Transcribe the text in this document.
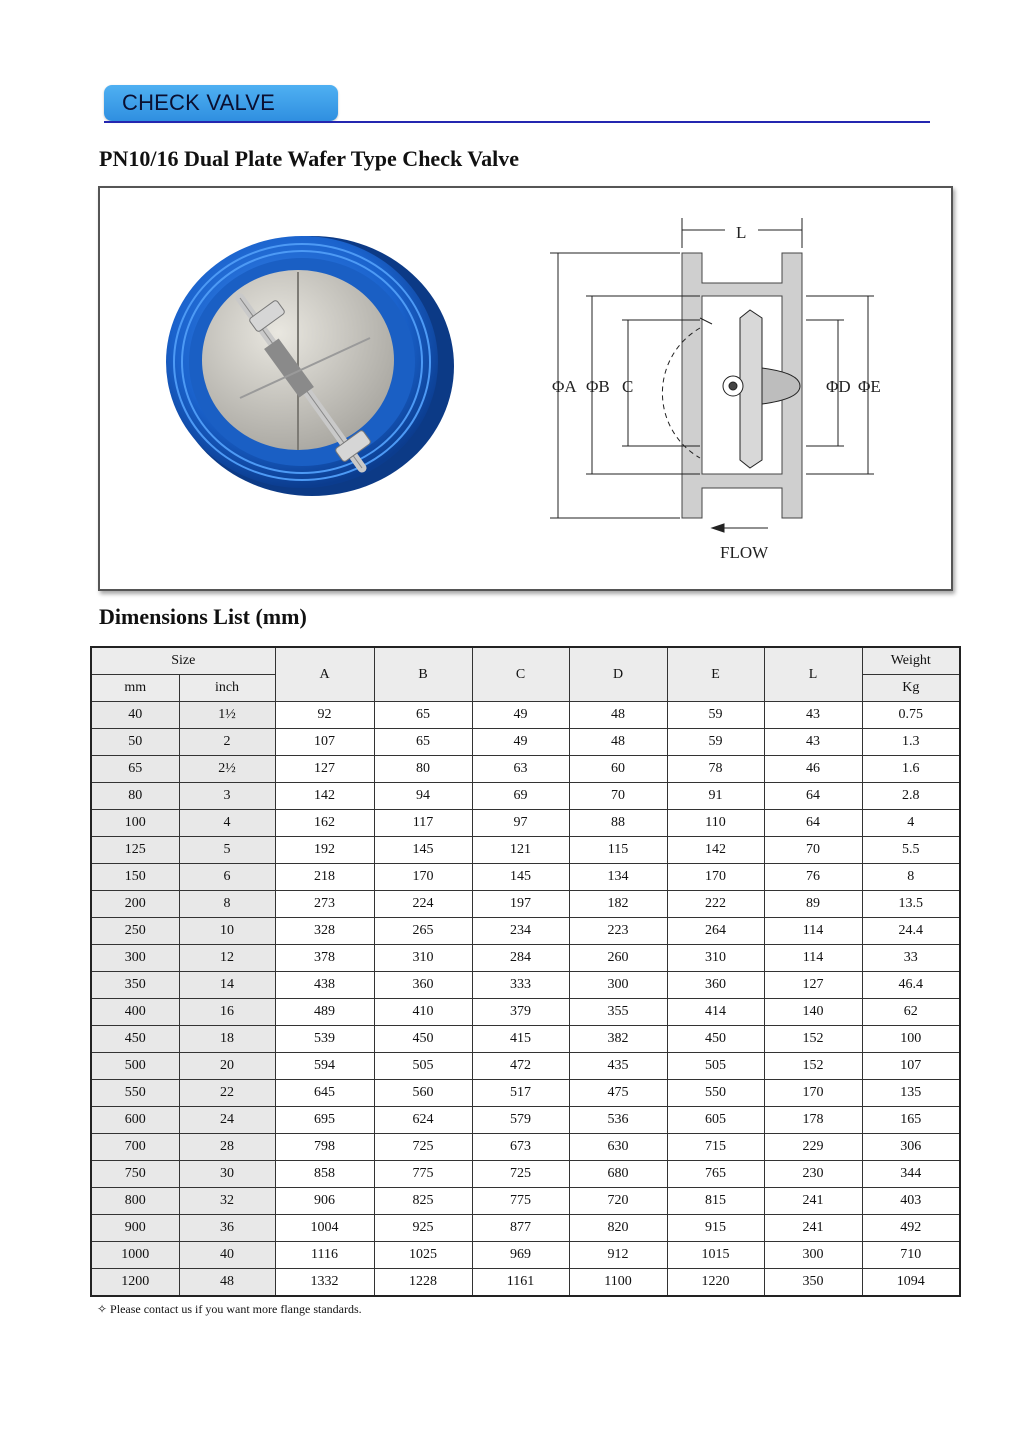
CHECK VALVE
PN10/16 Dual Plate Wafer Type Check Valve
L
ΦA ΦB C	ΦD ΦE
FLOW
Dimensions List (mm)
Size		A	B	C	D	E	L	Weight
mm	inch							Kg
40	1½	92	65	49	48	59	43	0.75
50	2	107	65	49	48	59	43	1.3
65	2½	127	80	63	60	78	46	1.6
80	3	142	94	69	70	91	64	2.8
100	4	162	117	97	88	110	64	4
125	5	192	145	121	115	142	70	5.5
150	6	218	170	145	134	170	76	8
200	8	273	224	197	182	222	89	13.5
250	10	328	265	234	223	264	114	24.4
300	12	378	310	284	260	310	114	33
350	14	438	360	333	300	360	127	46.4
400	16	489	410	379	355	414	140	62
450	18	539	450	415	382	450	152	100
500	20	594	505	472	435	505	152	107
550	22	645	560	517	475	550	170	135
600	24	695	624	579	536	605	178	165
700	28	798	725	673	630	715	229	306
750	30	858	775	725	680	765	230	344
800	32	906	825	775	720	815	241	403
900	36	1004	925	877	820	915	241	492
1000	40	1116	1025	969	912	1015	300	710
1200	48	1332	1228	1161	1100	1220	350	1094
✧ Please contact us if you want more flange standards.
